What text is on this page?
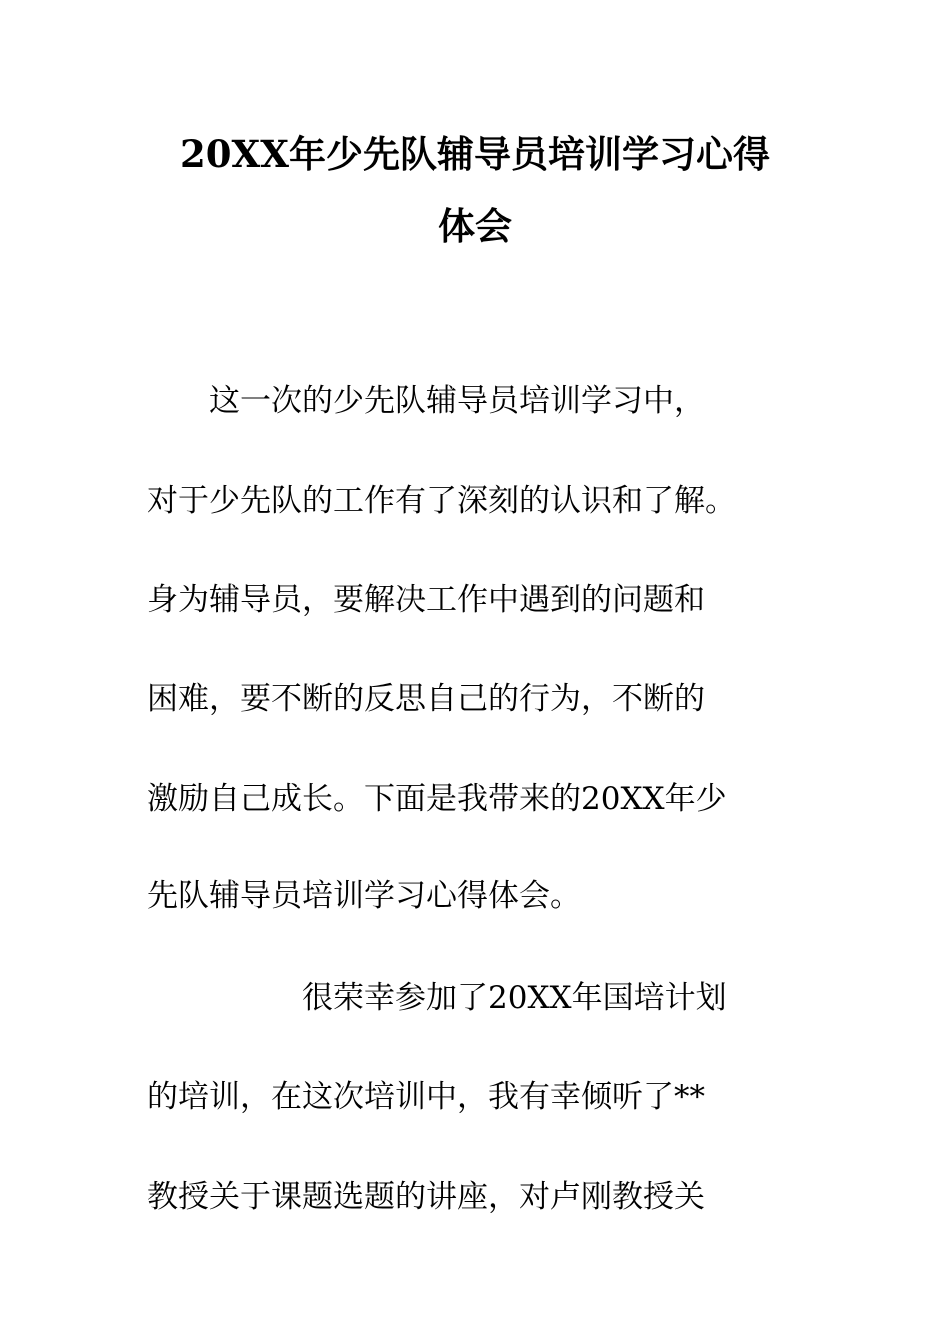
20XX年少先队辅导员培训学习心得
体会
　　这一次的少先队辅导员培训学习中，
对于少先队的工作有了深刻的认识和了解。
身为辅导员，要解决工作中遇到的问题和
困难，要不断的反思自己的行为，不断的
激励自己成长。下面是我带来的20XX年少
先队辅导员培训学习心得体会。
　　　　　很荣幸参加了20XX年国培计划
的培训，在这次培训中，我有幸倾听了**
教授关于课题选题的讲座，对卢刚教授关
